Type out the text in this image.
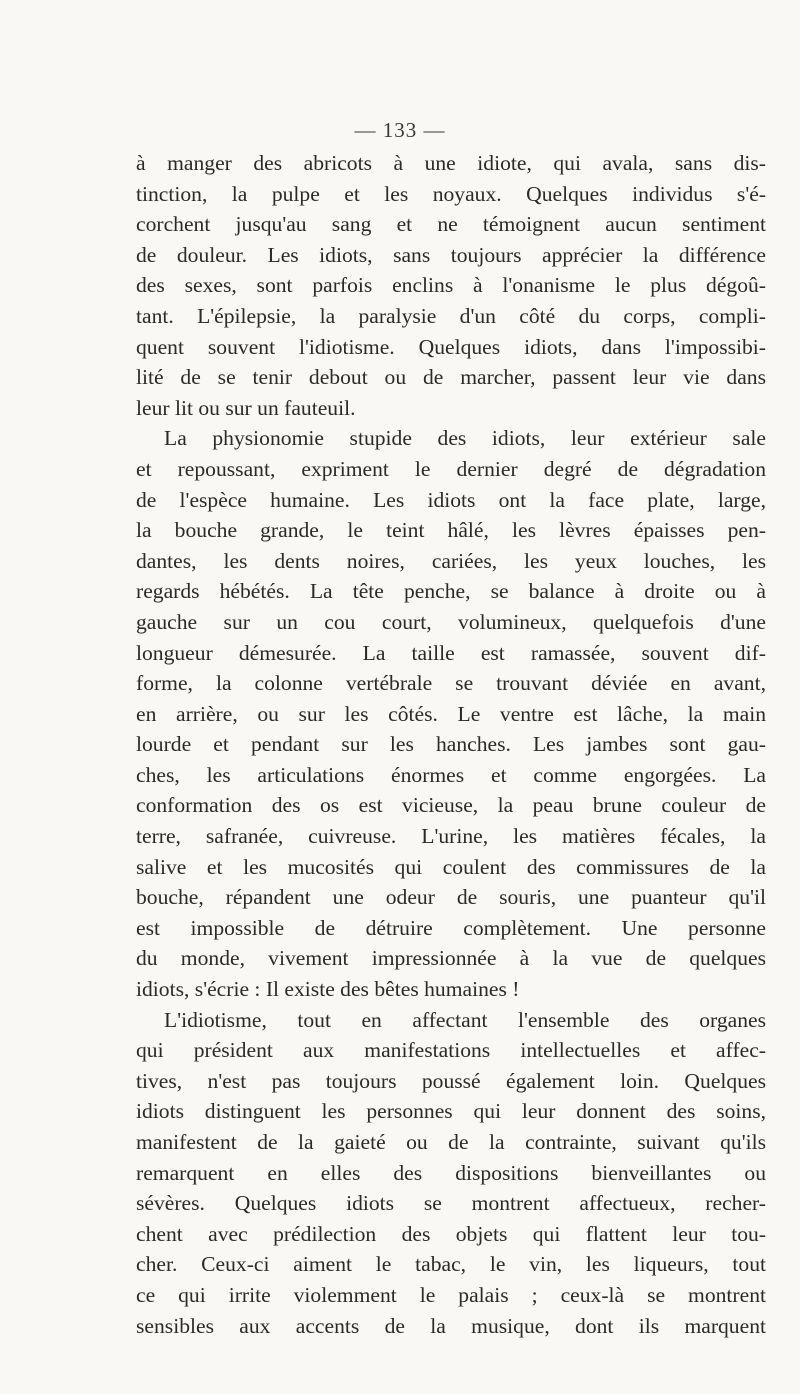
— 133 —
à manger des abricots à une idiote, qui avala, sans dis-
tinction, la pulpe et les noyaux. Quelques individus s'é-
corchent jusqu'au sang et ne témoignent aucun sentiment
de douleur. Les idiots, sans toujours apprécier la différence
des sexes, sont parfois enclins à l'onanisme le plus dégoû-
tant. L'épilepsie, la paralysie d'un côté du corps, compli-
quent souvent l'idiotisme. Quelques idiots, dans l'impossibi-
lité de se tenir debout ou de marcher, passent leur vie dans
leur lit ou sur un fauteuil.
La physionomie stupide des idiots, leur extérieur sale
et repoussant, expriment le dernier degré de dégradation
de l'espèce humaine. Les idiots ont la face plate, large,
la bouche grande, le teint hâlé, les lèvres épaisses pen-
dantes, les dents noires, cariées, les yeux louches, les
regards hébétés. La tête penche, se balance à droite ou à
gauche sur un cou court, volumineux, quelquefois d'une
longueur démesurée. La taille est ramassée, souvent dif-
forme, la colonne vertébrale se trouvant déviée en avant,
en arrière, ou sur les côtés. Le ventre est lâche, la main
lourde et pendant sur les hanches. Les jambes sont gau-
ches, les articulations énormes et comme engorgées. La
conformation des os est vicieuse, la peau brune couleur de
terre, safranée, cuivreuse. L'urine, les matières fécales, la
salive et les mucosités qui coulent des commissures de la
bouche, répandent une odeur de souris, une puanteur qu'il
est impossible de détruire complètement. Une personne
du monde, vivement impressionnée à la vue de quelques
idiots, s'écrie : Il existe des bêtes humaines !
L'idiotisme, tout en affectant l'ensemble des organes
qui président aux manifestations intellectuelles et affec-
tives, n'est pas toujours poussé également loin. Quelques
idiots distinguent les personnes qui leur donnent des soins,
manifestent de la gaieté ou de la contrainte, suivant qu'ils
remarquent en elles des dispositions bienveillantes ou
sévères. Quelques idiots se montrent affectueux, recher-
chent avec prédilection des objets qui flattent leur tou-
cher. Ceux-ci aiment le tabac, le vin, les liqueurs, tout
ce qui irrite violemment le palais ; ceux-là se montrent
sensibles aux accents de la musique, dont ils marquent
